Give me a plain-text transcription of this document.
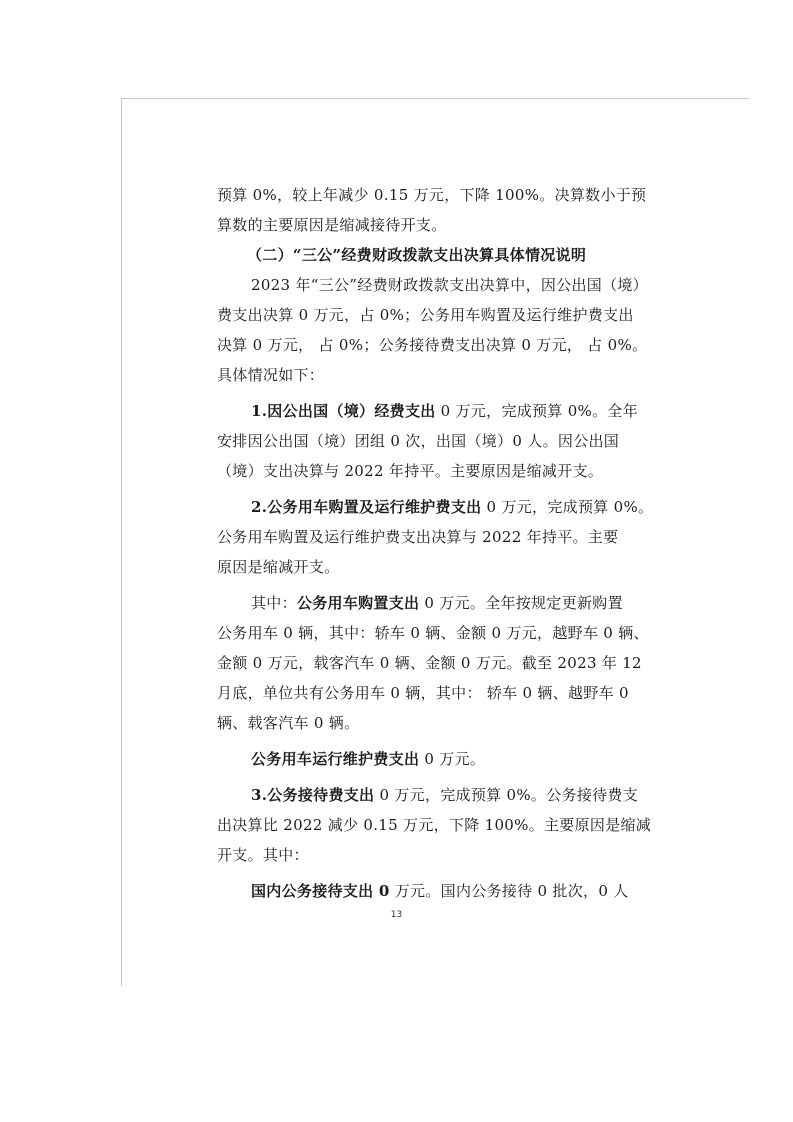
预算 0%，较上年减少 0.15 万元，下降 100%。决算数小于预
算数的主要原因是缩减接待开支。
（二）“三公”经费财政拨款支出决算具体情况说明
2023 年“三公”经费财政拨款支出决算中，因公出国（境）
费支出决算 0 万元，占 0%；公务用车购置及运行维护费支出
决算 0 万元， 占 0%；公务接待费支出决算 0 万元， 占 0%。
具体情况如下：
1.因公出国（境）经费支出 0 万元，完成预算 0%。全年
安排因公出国（境）团组 0 次，出国（境）0 人。因公出国
（境）支出决算与 2022 年持平。主要原因是缩减开支。
2.公务用车购置及运行维护费支出 0 万元，完成预算 0%。
公务用车购置及运行维护费支出决算与 2022 年持平。主要
原因是缩减开支。
其中：公务用车购置支出 0 万元。全年按规定更新购置
公务用车 0 辆，其中：轿车 0 辆、金额 0 万元，越野车 0 辆、
金额 0 万元，载客汽车 0 辆、金额 0 万元。截至 2023 年 12
月底，单位共有公务用车 0 辆，其中： 轿车 0 辆、越野车 0
辆、载客汽车 0 辆。
公务用车运行维护费支出 0 万元。
3.公务接待费支出 0 万元，完成预算 0%。公务接待费支
出决算比 2022 减少 0.15 万元，下降 100%。主要原因是缩减
开支。其中：
国内公务接待支出 0 万元。国内公务接待 0 批次，0 人
13
